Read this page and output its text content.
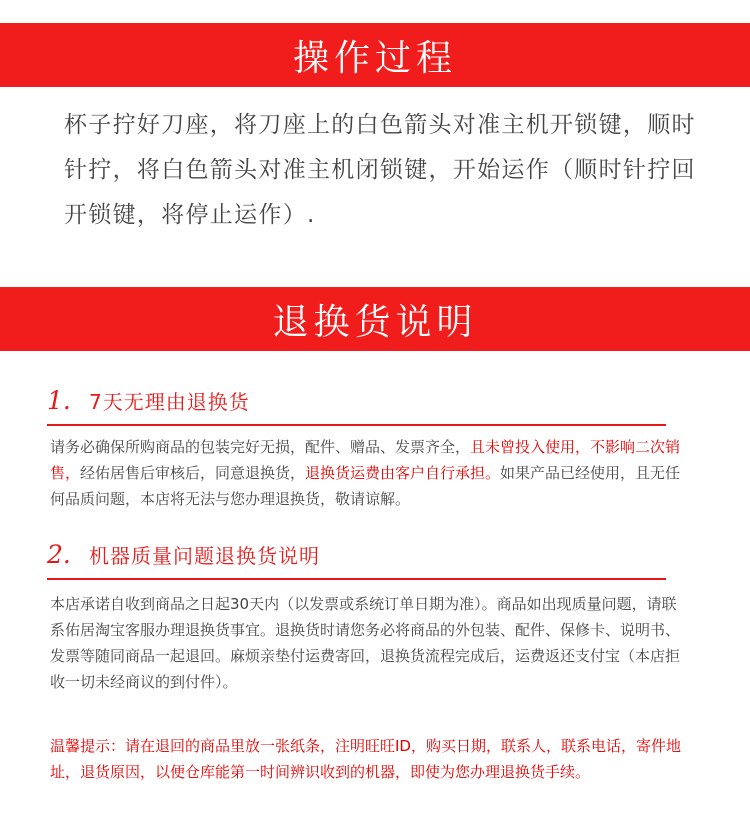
操作过程
杯子拧好刀座，将刀座上的白色箭头对准主机开锁键，顺时针拧，将白色箭头对准主机闭锁键，开始运作（顺时针拧回开锁键，将停止运作）.
退换货说明
1. 7天无理由退换货
请务必确保所购商品的包装完好无损，配件、赠品、发票齐全，且未曾投入使用，不影响二次销售，经佑居售后审核后，同意退换货，退换货运费由客户自行承担。如果产品已经使用，且无任何品质问题，本店将无法与您办理退换货，敬请谅解。
2. 机器质量问题退换货说明
本店承诺自收到商品之日起30天内（以发票或系统订单日期为准）。商品如出现质量问题，请联系佑居淘宝客服办理退换货事宜。退换货时请您务必将商品的外包装、配件、保修卡、说明书、发票等随同商品一起退回。麻烦亲垫付运费寄回，退换货流程完成后，运费返还支付宝（本店拒收一切未经商议的到付件）。
温馨提示：请在退回的商品里放一张纸条，注明旺旺ID，购买日期，联系人，联系电话，寄件地址，退货原因，以便仓库能第一时间辨识收到的机器，即使为您办理退换货手续。
